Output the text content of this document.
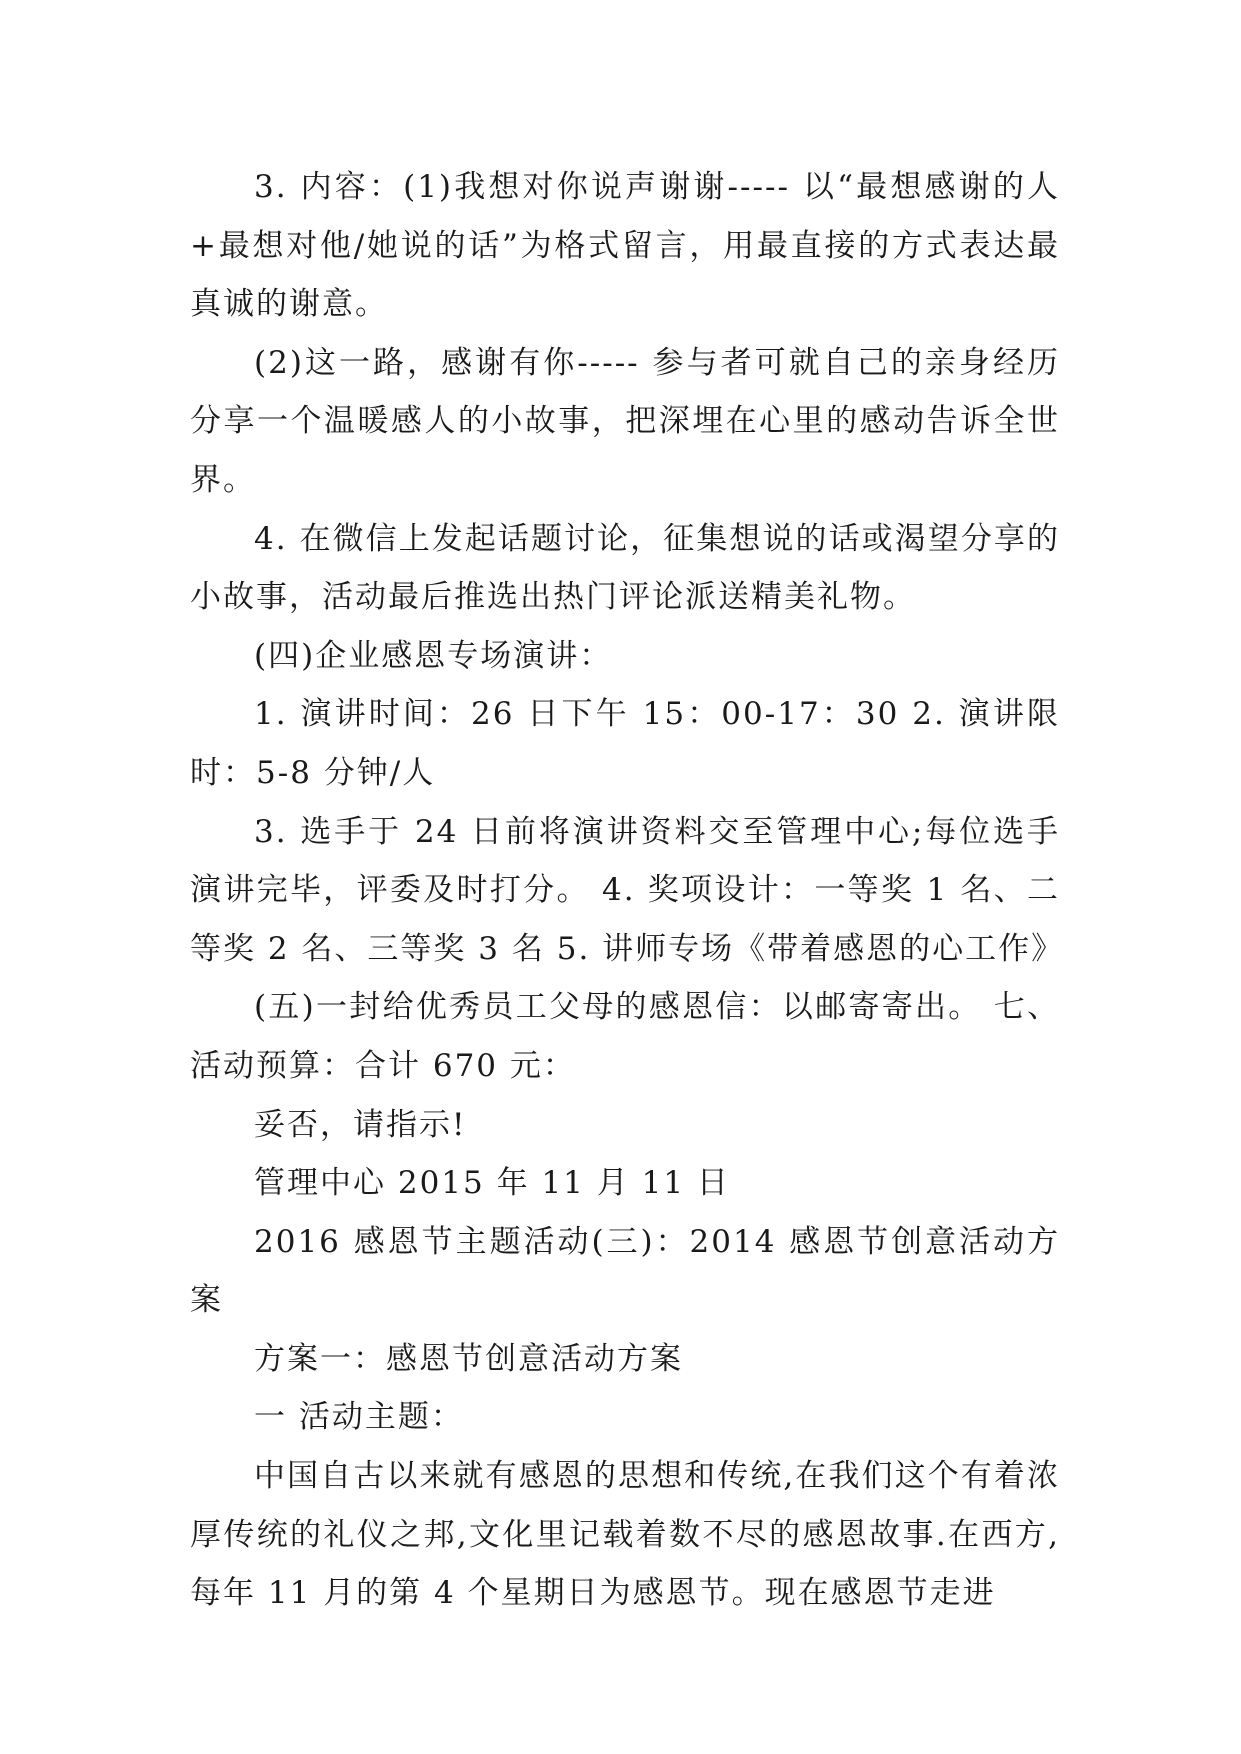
3. 内容：(1)我想对你说声谢谢----- 以“最想感谢的人+最想对他/她说的话”为格式留言，用最直接的方式表达最真诚的谢意。

(2)这一路，感谢有你----- 参与者可就自己的亲身经历分享一个温暖感人的小故事，把深埋在心里的感动告诉全世界。

4. 在微信上发起话题讨论，征集想说的话或渴望分享的小故事，活动最后推选出热门评论派送精美礼物。

(四)企业感恩专场演讲：

1. 演讲时间：26 日下午 15：00-17：30 2. 演讲限时：5-8 分钟/人

3. 选手于 24 日前将演讲资料交至管理中心;每位选手演讲完毕，评委及时打分。 4. 奖项设计：一等奖 1 名、二等奖 2 名、三等奖 3 名 5. 讲师专场《带着感恩的心工作》

(五)一封给优秀员工父母的感恩信：以邮寄寄出。 七、活动预算：合计 670 元：

妥否，请指示!

管理中心 2015 年 11 月 11 日

2016 感恩节主题活动(三)：2014 感恩节创意活动方案

方案一：感恩节创意活动方案

一 活动主题：

中国自古以来就有感恩的思想和传统,在我们这个有着浓厚传统的礼仪之邦,文化里记载着数不尽的感恩故事.在西方,每年 11 月的第 4 个星期日为感恩节。现在感恩节走进
